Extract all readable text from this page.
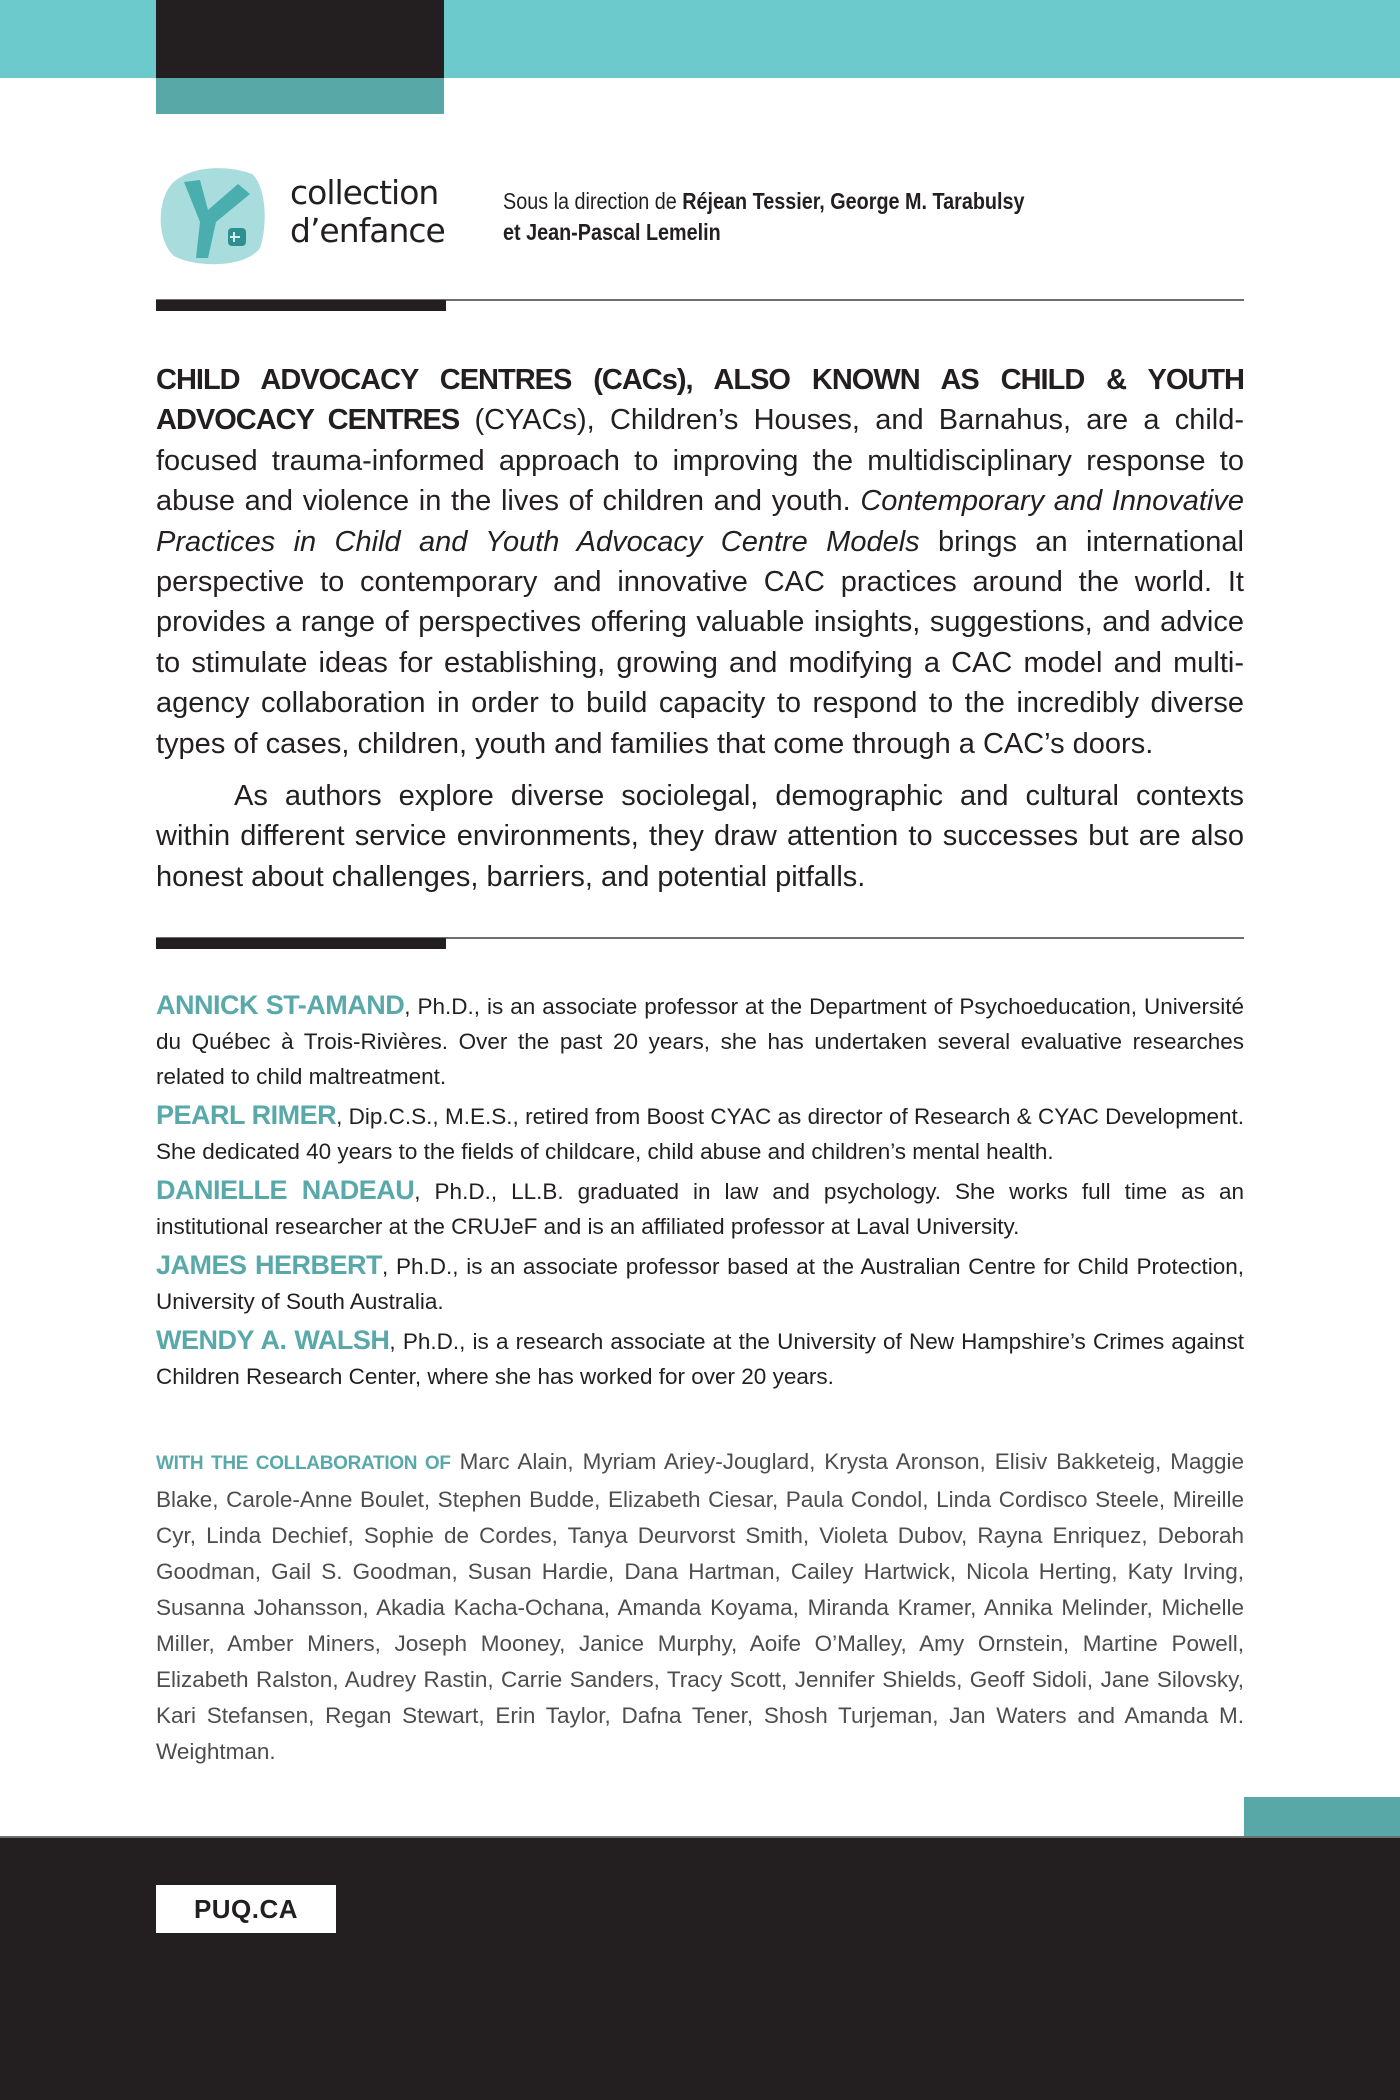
collection
d’enfance
Sous la direction de Réjean Tessier, George M. Tarabulsy
et Jean-Pascal Lemelin

CHILD ADVOCACY CENTRES (CACs), ALSO KNOWN AS CHILD & YOUTH ADVOCACY CENTRES (CYACs), Children’s Houses, and Barnahus, are a child-focused trauma-informed approach to improving the multidisciplinary response to abuse and violence in the lives of children and youth. Contemporary and Innovative Practices in Child and Youth Advocacy Centre Models brings an international perspective to contemporary and innovative CAC practices around the world. It provides a range of perspectives offering valuable insights, suggestions, and advice to stimulate ideas for establishing, growing and modifying a CAC model and multi-agency collaboration in order to build capacity to respond to the incredibly diverse types of cases, children, youth and families that come through a CAC’s doors.

As authors explore diverse sociolegal, demographic and cultural contexts within different service environments, they draw attention to successes but are also honest about challenges, barriers, and potential pitfalls.

ANNICK ST-AMAND, Ph.D., is an associate professor at the Department of Psychoeducation, Université du Québec à Trois-Rivières. Over the past 20 years, she has undertaken several evaluative researches related to child maltreatment.

PEARL RIMER, Dip.C.S., M.E.S., retired from Boost CYAC as director of Research & CYAC Development. She dedicated 40 years to the fields of childcare, child abuse and children’s mental health.

DANIELLE NADEAU, Ph.D., LL.B. graduated in law and psychology. She works full time as an institutional researcher at the CRUJeF and is an affiliated professor at Laval University.

JAMES HERBERT, Ph.D., is an associate professor based at the Australian Centre for Child Protection, University of South Australia.

WENDY A. WALSH, Ph.D., is a research associate at the University of New Hampshire’s Crimes against Children Research Center, where she has worked for over 20 years.

WITH THE COLLABORATION OF Marc Alain, Myriam Ariey-Jouglard, Krysta Aronson, Elisiv Bakketeig, Maggie Blake, Carole-Anne Boulet, Stephen Budde, Elizabeth Ciesar, Paula Condol, Linda Cordisco Steele, Mireille Cyr, Linda Dechief, Sophie de Cordes, Tanya Deurvorst Smith, Violeta Dubov, Rayna Enriquez, Deborah Goodman, Gail S. Goodman, Susan Hardie, Dana Hartman, Cailey Hartwick, Nicola Herting, Katy Irving, Susanna Johansson, Akadia Kacha-Ochana, Amanda Koyama, Miranda Kramer, Annika Melinder, Michelle Miller, Amber Miners, Joseph Mooney, Janice Murphy, Aoife O’Malley, Amy Ornstein, Martine Powell, Elizabeth Ralston, Audrey Rastin, Carrie Sanders, Tracy Scott, Jennifer Shields, Geoff Sidoli, Jane Silovsky, Kari Stefansen, Regan Stewart, Erin Taylor, Dafna Tener, Shosh Turjeman, Jan Waters and Amanda M. Weightman.
PUQ.CA
